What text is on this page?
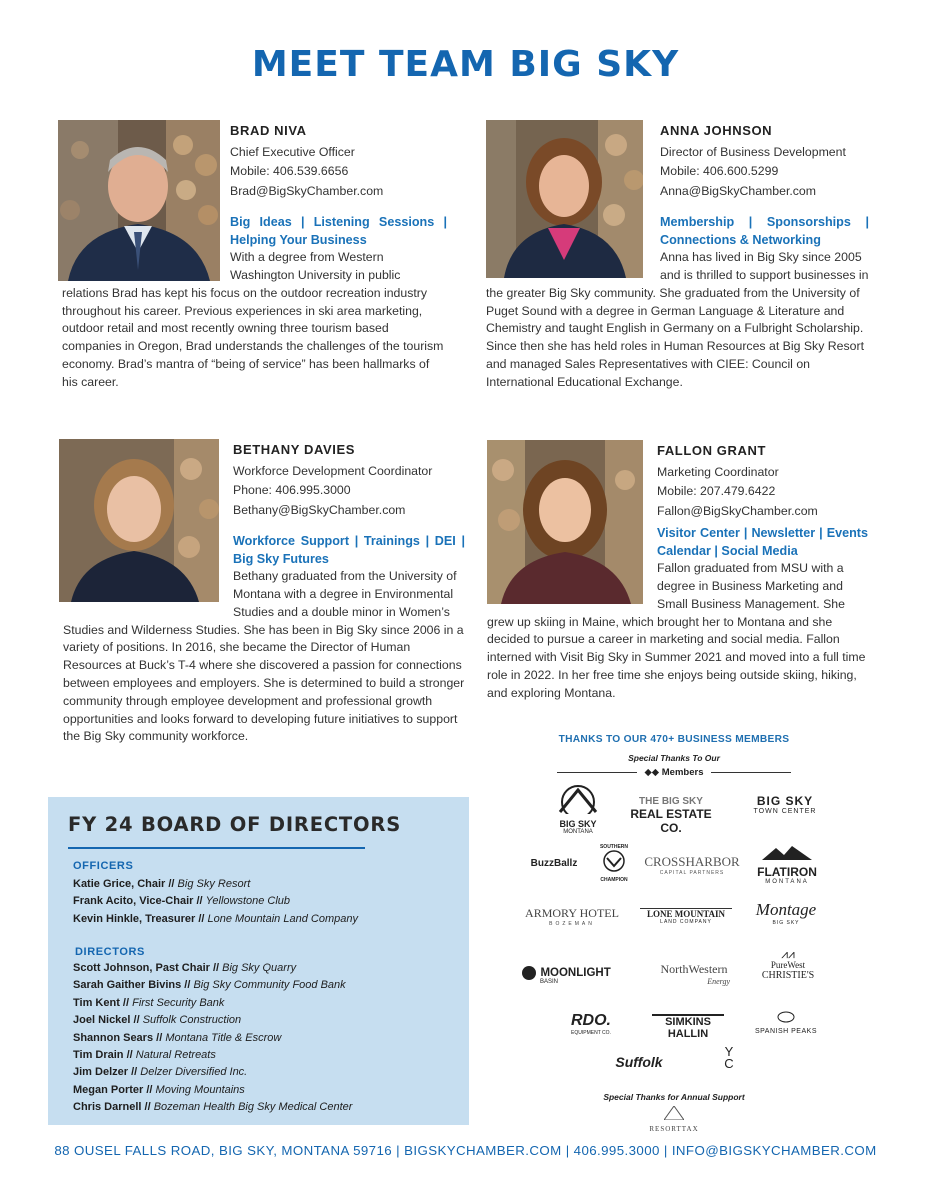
MEET TEAM BIG SKY
BRAD NIVA
Chief Executive Officer
Mobile: 406.539.6656
Brad@BigSkyChamber.com
Big Ideas | Listening Sessions | Helping Your Business
With a degree from Western Washington University in public relations Brad has kept his focus on the outdoor recreation industry throughout his career. Previous experiences in ski area marketing, outdoor retail and most recently owning three tourism based companies in Oregon, Brad understands the challenges of the tourism economy. Brad’s mantra of “being of service” has been hallmarks of his career.
ANNA JOHNSON
Director of Business Development
Mobile: 406.600.5299
Anna@BigSkyChamber.com
Membership | Sponsorships | Connections & Networking
Anna has lived in Big Sky since 2005 and is thrilled to support businesses in the greater Big Sky community. She graduated from the University of Puget Sound with a degree in German Language & Literature and Chemistry and taught English in Germany on a Fulbright Scholarship. Since then she has held roles in Human Resources at Big Sky Resort and managed Sales Representatives with CIEE: Council on International Educational Exchange.
BETHANY DAVIES
Workforce Development Coordinator
Phone: 406.995.3000
Bethany@BigSkyChamber.com
Workforce Support | Trainings | DEI | Big Sky Futures
Bethany graduated from the University of Montana with a degree in Environmental Studies and a double minor in Women’s Studies and Wilderness Studies. She has been in Big Sky since 2006 in a variety of positions. In 2016, she became the Director of Human Resources at Buck’s T-4 where she discovered a passion for connections between employees and employers. She is determined to build a stronger community through employee development and professional growth opportunities and looks forward to developing future initiatives to support the Big Sky community workforce.
FALLON GRANT
Marketing Coordinator
Mobile: 207.479.6422
Fallon@BigSkyChamber.com
Visitor Center | Newsletter | Events Calendar | Social Media
Fallon graduated from MSU with a degree in Business Marketing and Small Business Management. She grew up skiing in Maine, which brought her to Montana and she decided to pursue a career in marketing and social media. Fallon interned with Visit Big Sky in Summer 2021 and moved into a full time role in 2022. In her free time she enjoys being outside skiing, hiking, and exploring Montana.
FY 24 BOARD OF DIRECTORS
OFFICERS
Katie Grice, Chair // Big Sky Resort
Frank Acito, Vice-Chair // Yellowstone Club
Kevin Hinkle, Treasurer // Lone Mountain Land Company
DIRECTORS
Scott Johnson, Past Chair // Big Sky Quarry
Sarah Gaither Bivins // Big Sky Community Food Bank
Tim Kent // First Security Bank
Joel Nickel // Suffolk Construction
Shannon Sears // Montana Title & Escrow
Tim Drain // Natural Retreats
Jim Delzer // Delzer Diversified Inc.
Megan Porter // Moving Mountains
Chris Darnell // Bozeman Health Big Sky Medical Center
THANKS TO OUR 470+ BUSINESS MEMBERS
Special Thanks To Our
◆◆ Members
BIG SKY
MONTANA
THE BIG SKY
REAL ESTATE CO.
BIG SKY
TOWN CENTER
BuzzBallz
SOUTHERN
CHAMPION
CROSSHARBOR
CAPITAL PARTNERS	FLATIRON
MONTANA
ARMORY HOTEL
BOZEMAN
LONE MOUNTAIN
LAND COMPANY
Montage
BIG SKY
MOONLIGHT
BASIN
NorthWestern
Energy
⩘⩘
PureWest
CHRISTIE'S
RDO.
EQUIPMENT CO.
SIMKINS
HALLIN	SPANISH PEAKS
Suffolk
Y
C
Special Thanks for Annual Support
RESORTTAX
88 OUSEL FALLS ROAD, BIG SKY, MONTANA 59716 | BIGSKYCHAMBER.COM | 406.995.3000 | INFO@BIGSKYCHAMBER.COM
